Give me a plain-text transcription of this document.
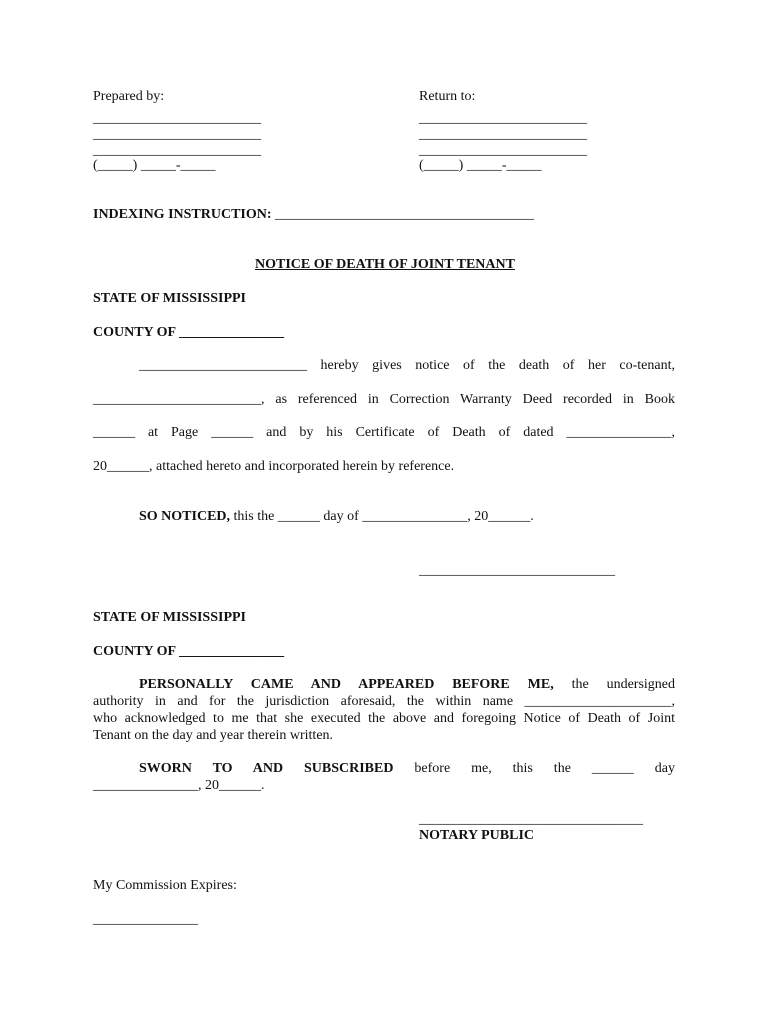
Prepared by:
________________________
________________________
________________________
(_____) _____-_____
Return to:
________________________
________________________
________________________
(_____) _____-_____
INDEXING INSTRUCTION: _____________________________________
NOTICE OF DEATH OF JOINT TENANT
STATE OF MISSISSIPPI
COUNTY OF _______________
________________________ hereby gives notice of the death of her co-tenant,
________________________, as referenced in Correction Warranty Deed recorded in Book
______ at Page ______ and by his Certificate of Death of dated _______________,
20______, attached hereto and incorporated herein by reference.
SO NOTICED, this the ______ day of _______________, 20______.
____________________________
STATE OF MISSISSIPPI
COUNTY OF _______________
PERSONALLY CAME AND APPEARED BEFORE ME, the undersigned
authority in and for the jurisdiction aforesaid, the within name _____________________,
who acknowledged to me that she executed the above and foregoing Notice of Death of Joint
Tenant on the day and year therein written.
SWORN TO AND SUBSCRIBED before me, this the ______ day
_______________, 20______.
________________________________
NOTARY PUBLIC
My Commission Expires:
_______________
